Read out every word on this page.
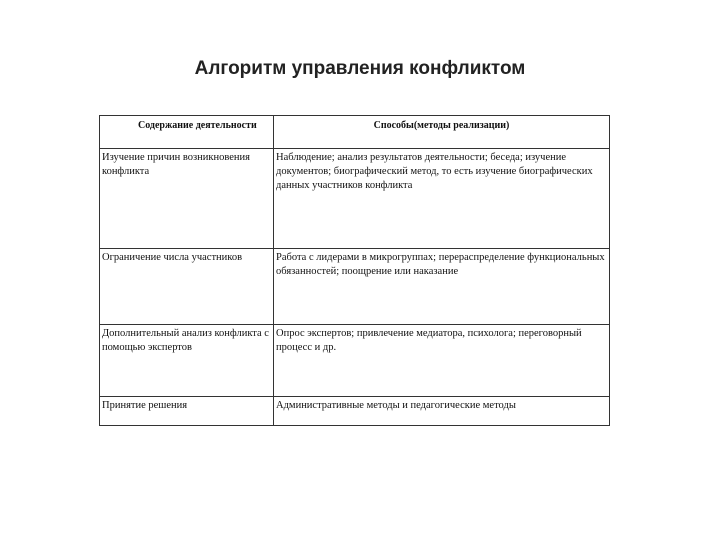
Алгоритм управления конфликтом
Содержание деятельности	Способы(методы реализации)
Изучение причин возникновения конфликта	Наблюдение; анализ результатов деятельности; беседа; изучение документов; биографический метод, то есть изучение биографических данных участников конфликта
Ограничение числа участников	Работа с лидерами в микрогруппах; перераспределение функциональных обязанностей; поощрение или наказание
Дополнительный анализ конфликта с помощью экспертов	Опрос экспертов; привлечение медиатора, психолога; переговорный процесс и др.
Принятие решения	Административные методы и педагогические методы
